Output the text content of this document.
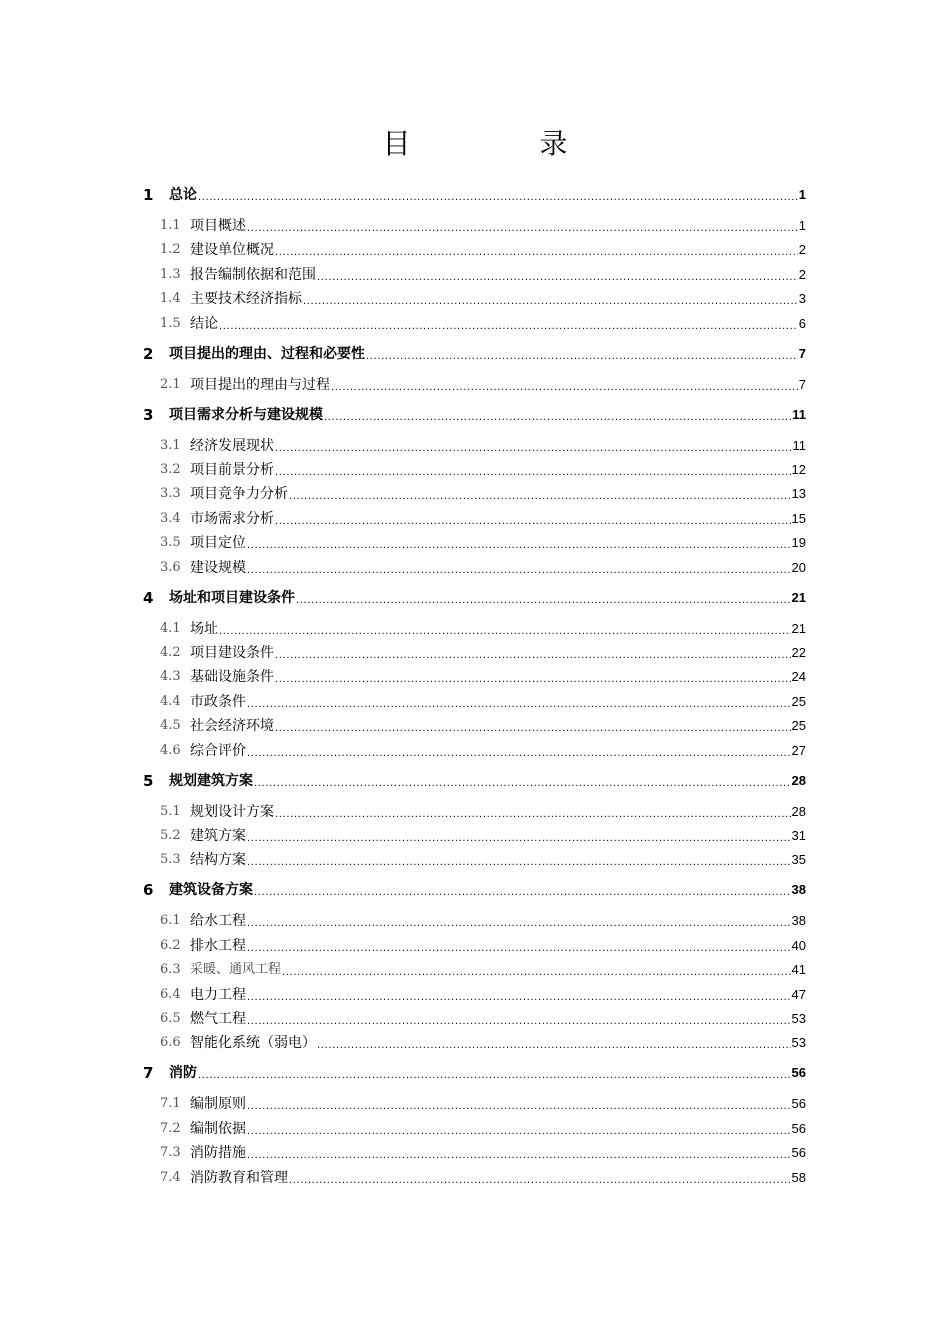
目 录
1	总论 .....	1
1.1 项目概述 .....	1
1.2 建设单位概况 .....	2
1.3 报告编制依据和范围 .....	2
1.4 主要技术经济指标 .....	3
1.5 结论 .....	6
2	项目提出的理由、过程和必要性 .....	7
2.1 项目提出的理由与过程 .....	7
3	项目需求分析与建设规模 .....	11
3.1 经济发展现状 .....	11
3.2 项目前景分析 .....	12
3.3 项目竞争力分析 .....	13
3.4 市场需求分析 .....	15
3.5 项目定位 .....	19
3.6 建设规模 .....	20
4	场址和项目建设条件 .....	21
4.1 场址 .....	21
4.2 项目建设条件 .....	22
4.3 基础设施条件 .....	24
4.4 市政条件 .....	25
4.5 社会经济环境 .....	25
4.6 综合评价 .....	27
5	规划建筑方案 .....	28
5.1 规划设计方案 .....	28
5.2 建筑方案 .....	31
5.3 结构方案 .....	35
6	建筑设备方案 .....	38
6.1 给水工程 .....	38
6.2 排水工程 .....	40
6.3 采暖、通风工程 .....	41
6.4 电力工程 .....	47
6.5 燃气工程 .....	53
6.6 智能化系统（弱电） .....	53
7	消防 .....	56
7.1 编制原则 .....	56
7.2 编制依据 .....	56
7.3 消防措施 .....	56
7.4 消防教育和管理 .....	58
